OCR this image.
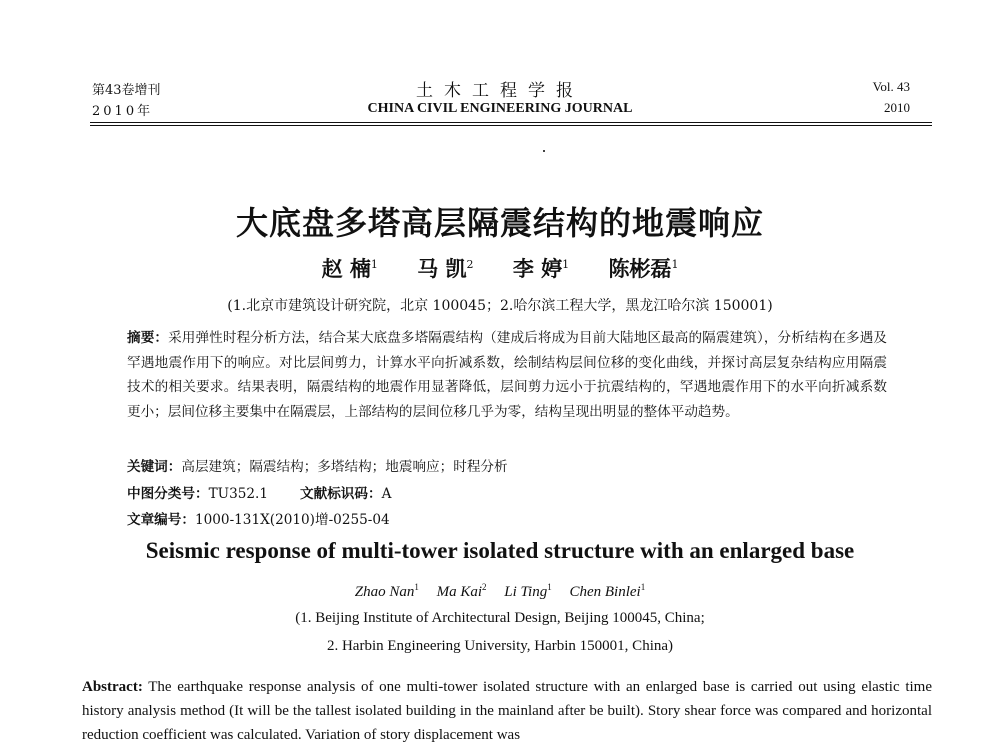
第43卷增刊
2010年
土木工程学报
CHINA CIVIL ENGINEERING JOURNAL
Vol. 43
2010
大底盘多塔高层隔震结构的地震响应
赵 楠$^1$ 马 凯$^2$ 李 婷$^1$ 陈彬磊$^1$
(1.北京市建筑设计研究院，北京 100045；2.哈尔滨工程大学，黑龙江哈尔滨 150001)
摘要：采用弹性时程分析方法，结合某大底盘多塔隔震结构（建成后将成为目前大陆地区最高的隔震建筑），分析结构在多遇及罕遇地震作用下的响应。对比层间剪力，计算水平向折减系数，绘制结构层间位移的变化曲线，并探讨高层复杂结构应用隔震技术的相关要求。结果表明，隔震结构的地震作用显著降低，层间剪力远小于抗震结构的，罕遇地震作用下的水平向折减系数更小；层间位移主要集中在隔震层，上部结构的层间位移几乎为零，结构呈现出明显的整体平动趋势。
关键词：高层建筑；隔震结构；多塔结构；地震响应；时程分析
中图分类号：TU352.1 文献标识码：A
文章编号：1000-131X(2010)增-0255-04
Seismic response of multi-tower isolated structure with an enlarged base
Zhao Nan$^1$ Ma Kai$^2$ Li Ting$^1$ Chen Binlei$^1$
(1. Beijing Institute of Architectural Design, Beijing 100045, China;
2. Harbin Engineering University, Harbin 150001, China)
Abstract: The earthquake response analysis of one multi-tower isolated structure with an enlarged base is carried out using elastic time history analysis method (It will be the tallest isolated building in the mainland after be built). Story shear force was compared and horizontal reduction coefficient was calculated. Variation of story displacement was
